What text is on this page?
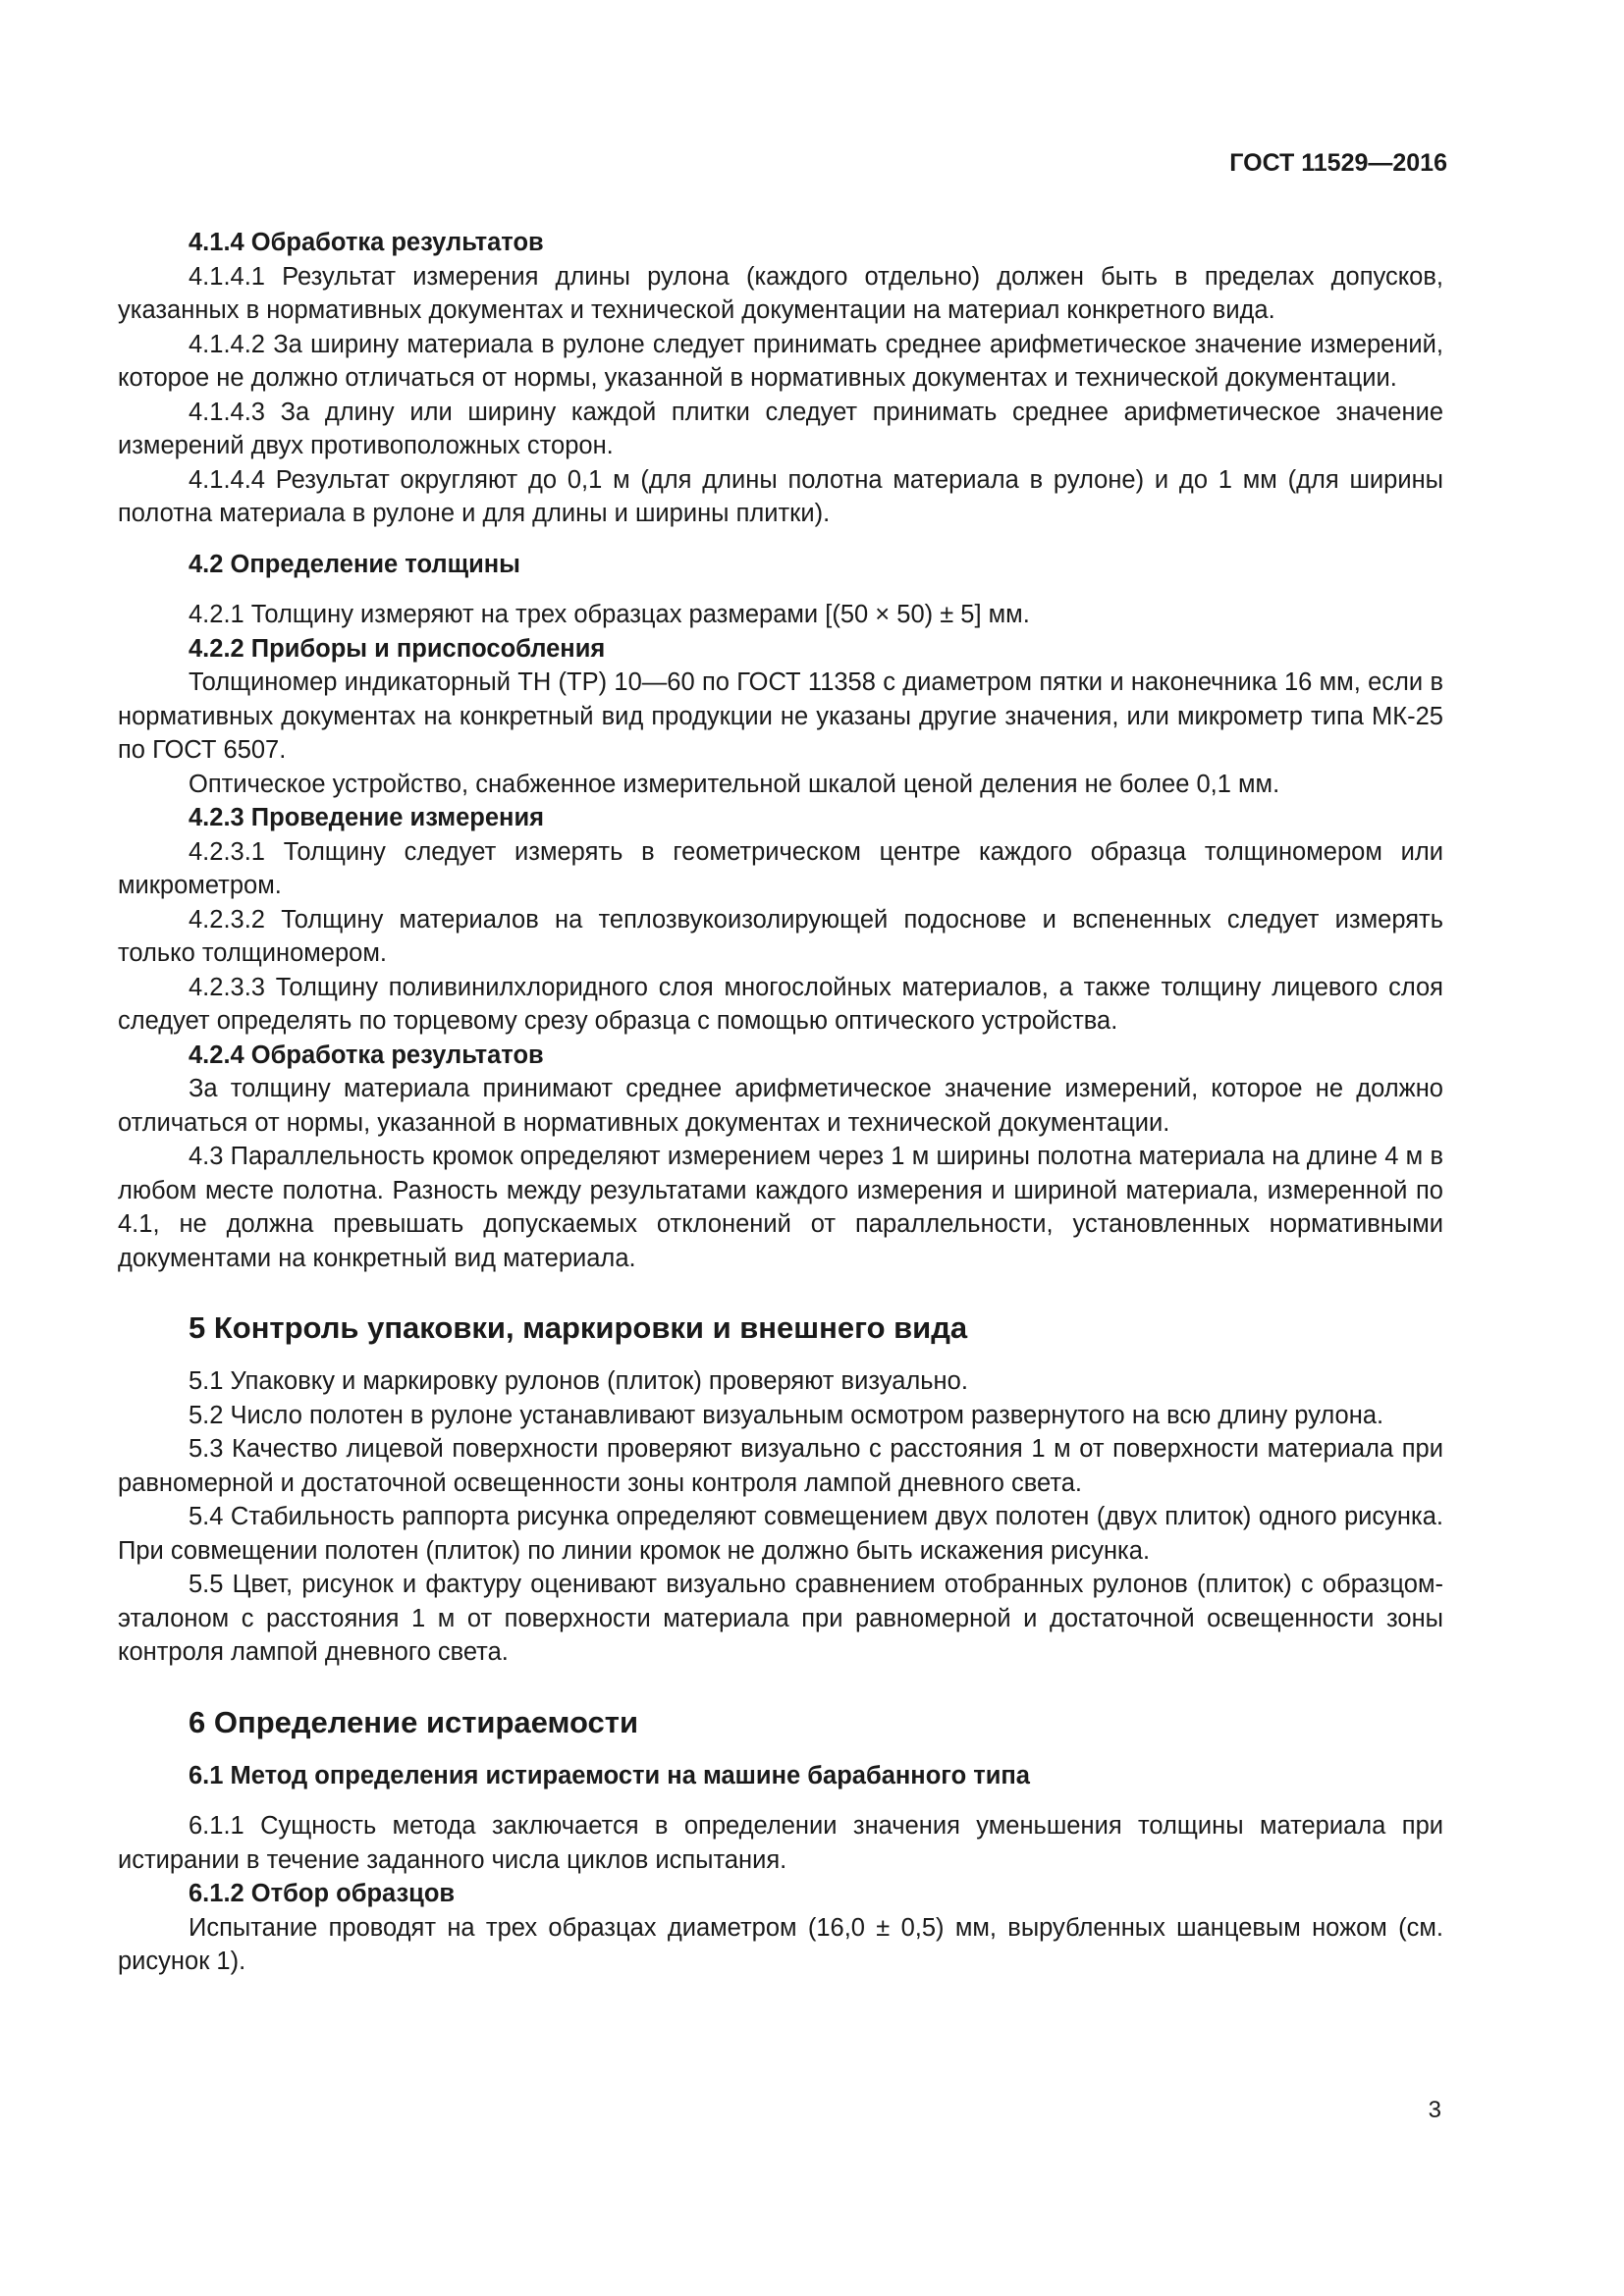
ГОСТ 11529—2016
4.1.4 Обработка результатов
4.1.4.1 Результат измерения длины рулона (каждого отдельно) должен быть в пределах допусков, указанных в нормативных документах и технической документации на материал конкретного вида.
4.1.4.2 За ширину материала в рулоне следует принимать среднее арифметическое значение измерений, которое не должно отличаться от нормы, указанной в нормативных документах и технической документации.
4.1.4.3 За длину или ширину каждой плитки следует принимать среднее арифметическое значение измерений двух противоположных сторон.
4.1.4.4 Результат округляют до 0,1 м (для длины полотна материала в рулоне) и до 1 мм (для ширины полотна материала в рулоне и для длины и ширины плитки).
4.2 Определение толщины
4.2.1 Толщину измеряют на трех образцах размерами [(50 × 50) ± 5] мм.
4.2.2 Приборы и приспособления
Толщиномер индикаторный ТН (ТР) 10—60 по ГОСТ 11358 с диаметром пятки и наконечника 16 мм, если в нормативных документах на конкретный вид продукции не указаны другие значения, или микрометр типа МК-25 по ГОСТ 6507.
Оптическое устройство, снабженное измерительной шкалой ценой деления не более 0,1 мм.
4.2.3 Проведение измерения
4.2.3.1 Толщину следует измерять в геометрическом центре каждого образца толщиномером или микрометром.
4.2.3.2 Толщину материалов на теплозвукоизолирующей подоснове и вспененных следует измерять только толщиномером.
4.2.3.3 Толщину поливинилхлоридного слоя многослойных материалов, а также толщину лицевого слоя следует определять по торцевому срезу образца с помощью оптического устройства.
4.2.4 Обработка результатов
За толщину материала принимают среднее арифметическое значение измерений, которое не должно отличаться от нормы, указанной в нормативных документах и технической документации.
4.3 Параллельность кромок определяют измерением через 1 м ширины полотна материала на длине 4 м в любом месте полотна. Разность между результатами каждого измерения и шириной материала, измеренной по 4.1, не должна превышать допускаемых отклонений от параллельности, установленных нормативными документами на конкретный вид материала.
5 Контроль упаковки, маркировки и внешнего вида
5.1 Упаковку и маркировку рулонов (плиток) проверяют визуально.
5.2 Число полотен в рулоне устанавливают визуальным осмотром развернутого на всю длину рулона.
5.3 Качество лицевой поверхности проверяют визуально с расстояния 1 м от поверхности материала при равномерной и достаточной освещенности зоны контроля лампой дневного света.
5.4 Стабильность раппорта рисунка определяют совмещением двух полотен (двух плиток) одного рисунка. При совмещении полотен (плиток) по линии кромок не должно быть искажения рисунка.
5.5 Цвет, рисунок и фактуру оценивают визуально сравнением отобранных рулонов (плиток) с образцом-эталоном с расстояния 1 м от поверхности материала при равномерной и достаточной освещенности зоны контроля лампой дневного света.
6 Определение истираемости
6.1 Метод определения истираемости на машине барабанного типа
6.1.1 Сущность метода заключается в определении значения уменьшения толщины материала при истирании в течение заданного числа циклов испытания.
6.1.2 Отбор образцов
Испытание проводят на трех образцах диаметром (16,0 ± 0,5) мм, вырубленных шанцевым ножом (см. рисунок 1).
3
